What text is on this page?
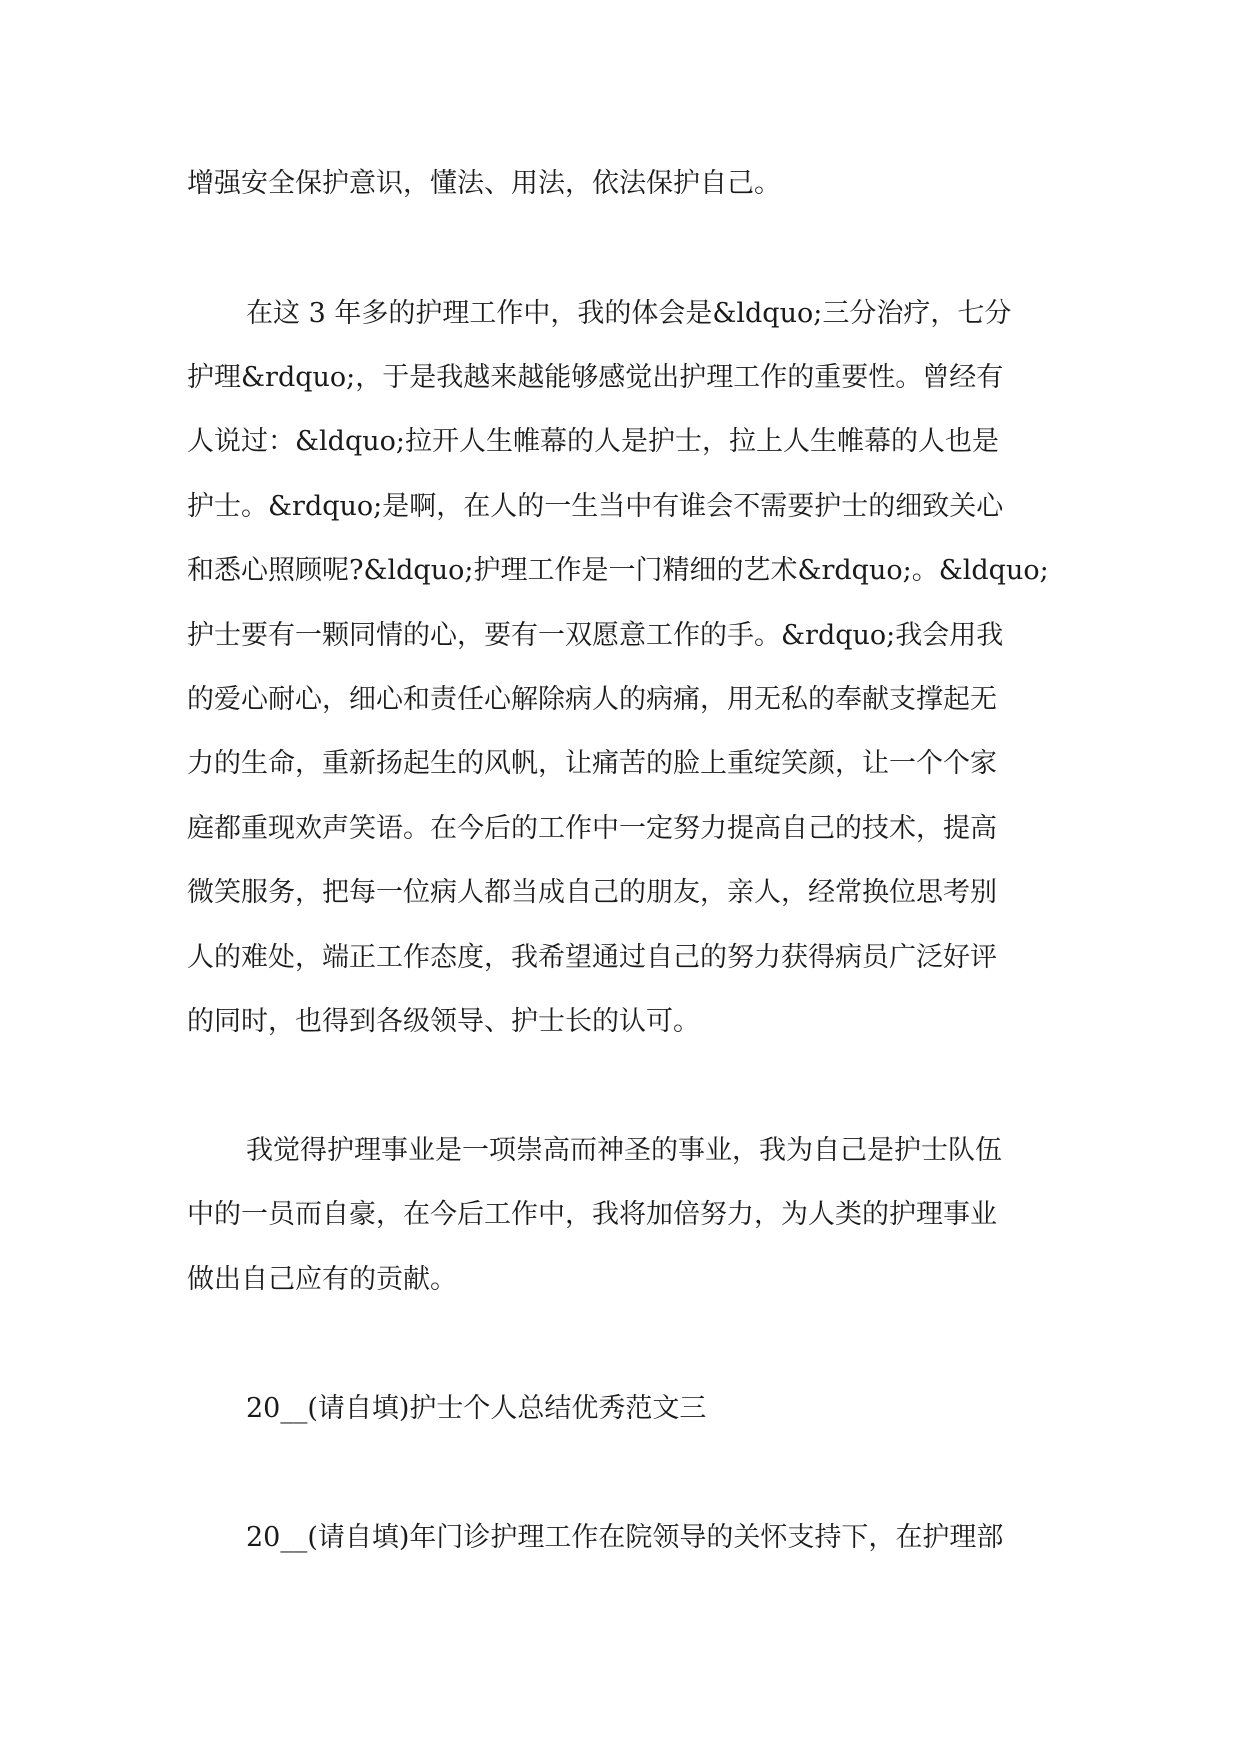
增强安全保护意识，懂法、用法，依法保护自己。

在这 3 年多的护理工作中，我的体会是&ldquo;三分治疗，七分

护理&rdquo;，于是我越来越能够感觉出护理工作的重要性。曾经有

人说过：&ldquo;拉开人生帷幕的人是护士，拉上人生帷幕的人也是

护士。&rdquo;是啊，在人的一生当中有谁会不需要护士的细致关心

和悉心照顾呢?&ldquo;护理工作是一门精细的艺术&rdquo;。&ldquo;

护士要有一颗同情的心，要有一双愿意工作的手。&rdquo;我会用我

的爱心耐心，细心和责任心解除病人的病痛，用无私的奉献支撑起无

力的生命，重新扬起生的风帆，让痛苦的脸上重绽笑颜，让一个个家

庭都重现欢声笑语。在今后的工作中一定努力提高自己的技术，提高

微笑服务，把每一位病人都当成自己的朋友，亲人，经常换位思考别

人的难处，端正工作态度，我希望通过自己的努力获得病员广泛好评

的同时，也得到各级领导、护士长的认可。

我觉得护理事业是一项崇高而神圣的事业，我为自己是护士队伍

中的一员而自豪，在今后工作中，我将加倍努力，为人类的护理事业

做出自己应有的贡献。

20__(请自填)护士个人总结优秀范文三

20__(请自填)年门诊护理工作在院领导的关怀支持下，在护理部
